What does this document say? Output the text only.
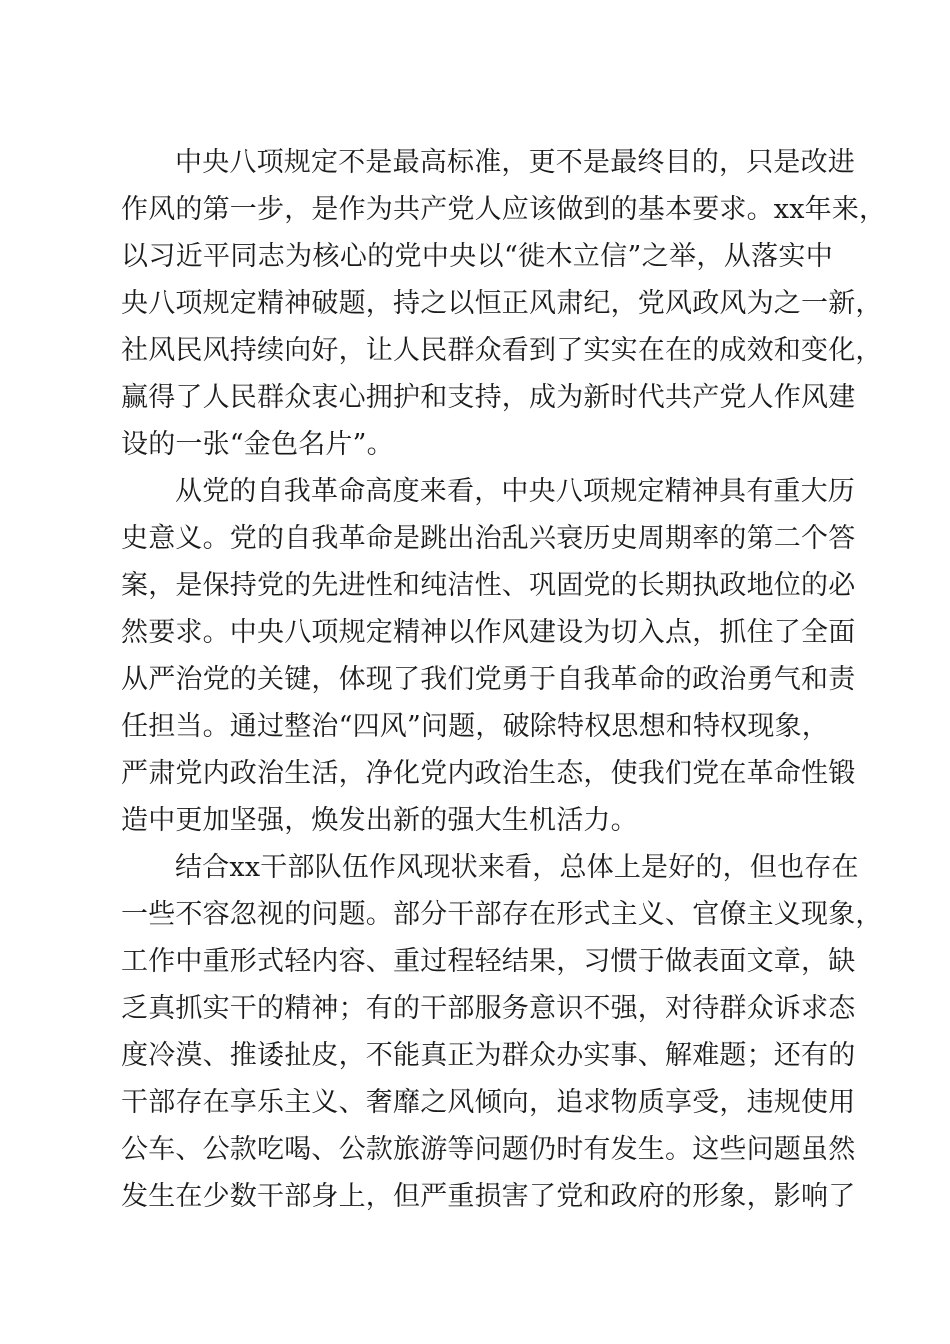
中央八项规定不是最高标准，更不是最终目的，只是改进
作风的第一步，是作为共产党人应该做到的基本要求。xx年来，
以习近平同志为核心的党中央以“徙木立信”之举，从落实中
央八项规定精神破题，持之以恒正风肃纪，党风政风为之一新，
社风民风持续向好，让人民群众看到了实实在在的成效和变化，
赢得了人民群众衷心拥护和支持，成为新时代共产党人作风建
设的一张“金色名片”。
从党的自我革命高度来看，中央八项规定精神具有重大历
史意义。党的自我革命是跳出治乱兴衰历史周期率的第二个答
案，是保持党的先进性和纯洁性、巩固党的长期执政地位的必
然要求。中央八项规定精神以作风建设为切入点，抓住了全面
从严治党的关键，体现了我们党勇于自我革命的政治勇气和责
任担当。通过整治“四风”问题，破除特权思想和特权现象，
严肃党内政治生活，净化党内政治生态，使我们党在革命性锻
造中更加坚强，焕发出新的强大生机活力。
结合xx干部队伍作风现状来看，总体上是好的，但也存在
一些不容忽视的问题。部分干部存在形式主义、官僚主义现象，
工作中重形式轻内容、重过程轻结果，习惯于做表面文章，缺
乏真抓实干的精神；有的干部服务意识不强，对待群众诉求态
度冷漠、推诿扯皮，不能真正为群众办实事、解难题；还有的
干部存在享乐主义、奢靡之风倾向，追求物质享受，违规使用
公车、公款吃喝、公款旅游等问题仍时有发生。这些问题虽然
发生在少数干部身上，但严重损害了党和政府的形象，影响了
